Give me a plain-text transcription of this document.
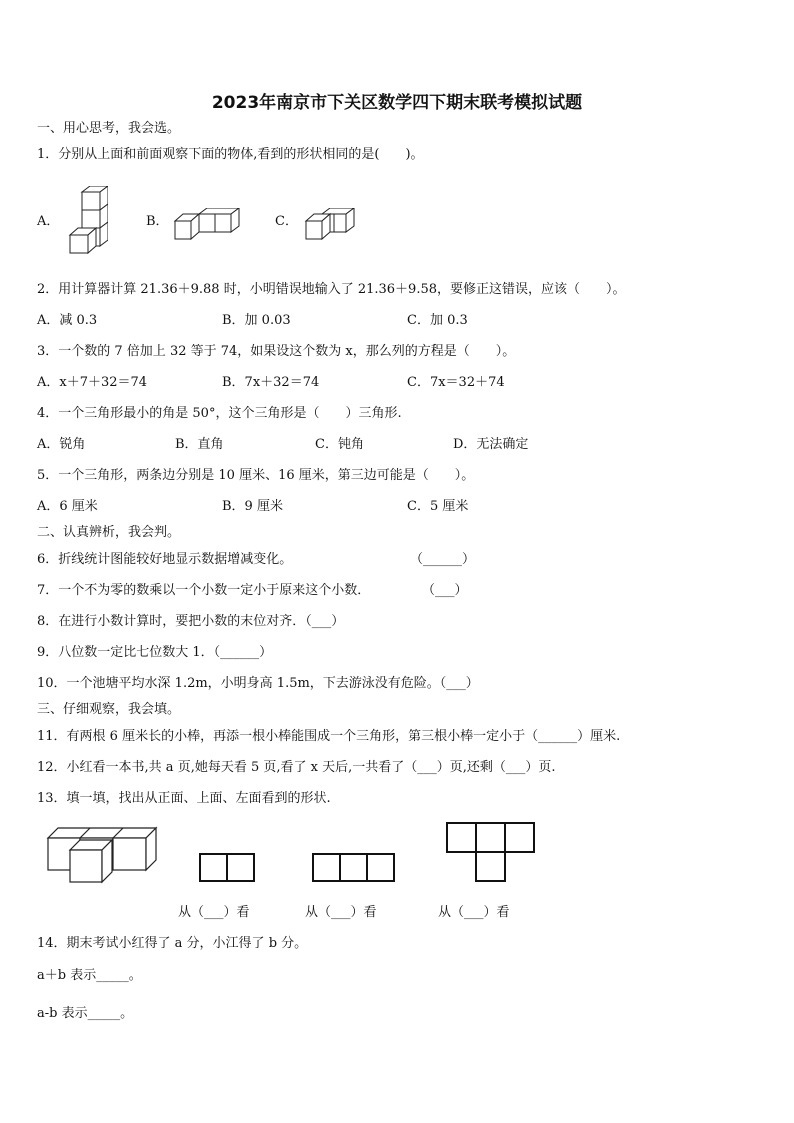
2023年南京市下关区数学四下期末联考模拟试题
一、用心思考，我会选。
1．分别从上面和前面观察下面的物体,看到的形状相同的是(　　)。
A．	B．	C．
2．用计算器计算 21.36＋9.88 时，小明错误地输入了 21.36＋9.58，要修正这错误，应该（　　）。
A．减 0.3	B．加 0.03	C．加 0.3
3．一个数的 7 倍加上 32 等于 74，如果设这个数为 x，那么列的方程是（　　）。
A．x＋7＋32＝74	B．7x＋32＝74	C．7x＝32＋74
4．一个三角形最小的角是 50°，这个三角形是（　　）三角形.
A．锐角	B．直角	C．钝角	D．无法确定
5．一个三角形，两条边分别是 10 厘米、16 厘米，第三边可能是（　　）。
A．6 厘米	B．9 厘米	C．5 厘米
二、认真辨析，我会判。
6．折线统计图能较好地显示数据增减变化。	（______）
7．一个不为零的数乘以一个小数一定小于原来这个小数．	（___）
8．在进行小数计算时，要把小数的末位对齐．（___）
9．八位数一定比七位数大 1．（______）
10．一个池塘平均水深 1.2m，小明身高 1.5m，下去游泳没有危险。（___）
三、仔细观察，我会填。
11．有两根 6 厘米长的小棒，再添一根小棒能围成一个三角形，第三根小棒一定小于（______）厘米.
12．小红看一本书,共 a 页,她每天看 5 页,看了 x 天后,一共看了（___）页,还剩（___）页.
13．填一填，找出从正面、上面、左面看到的形状.
从（___）看	从（___）看	从（___）看
14．期末考试小红得了 a 分，小江得了 b 分。
a＋b 表示_____。
a-b 表示_____。
